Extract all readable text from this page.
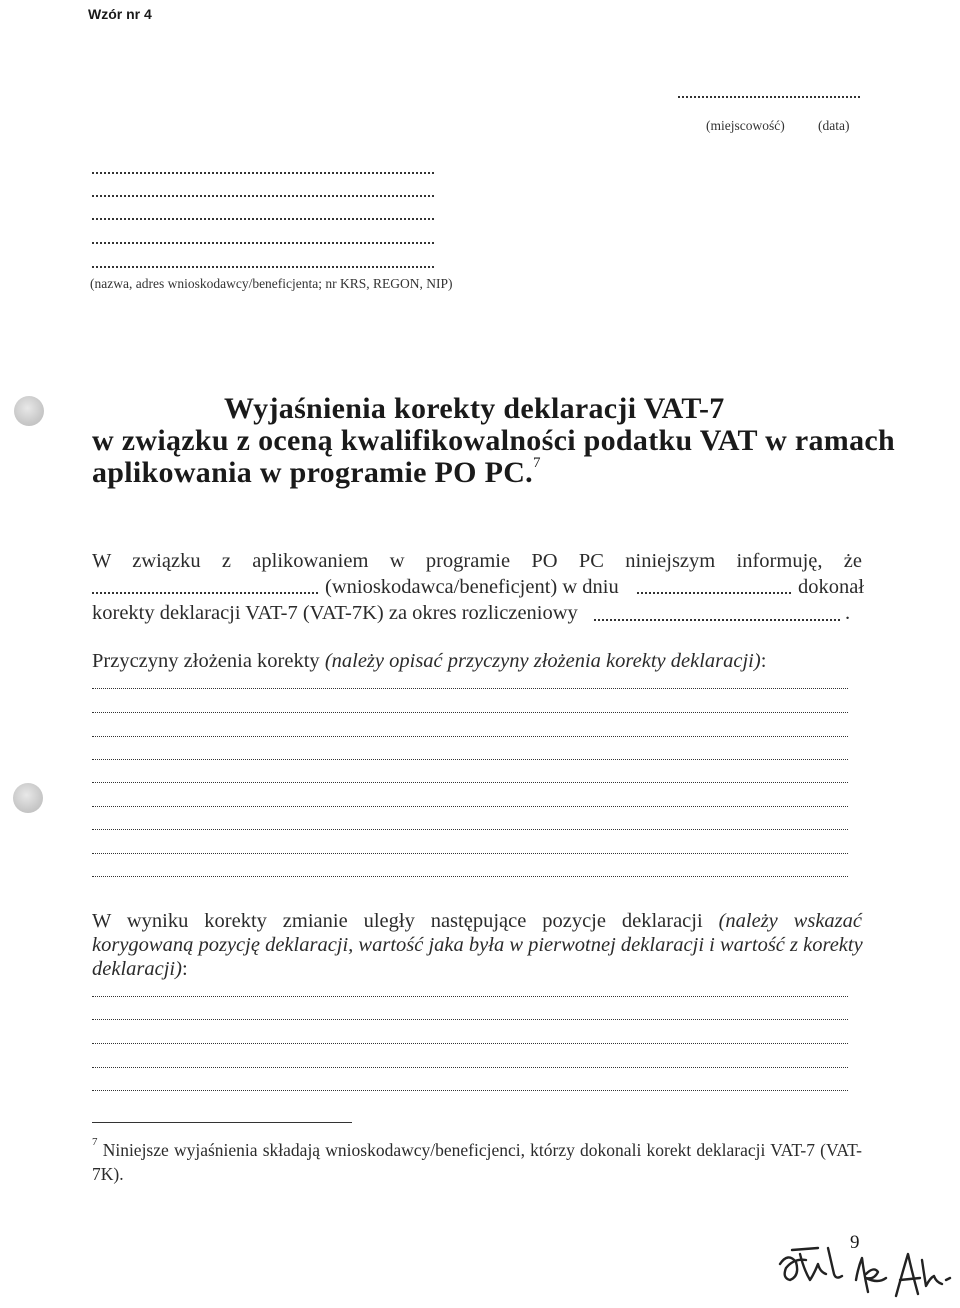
Wzór nr 4
(miejscowość) (data)
(nazwa, adres wnioskodawcy/beneficjenta; nr KRS, REGON, NIP)
Wyjaśnienia korekty deklaracji VAT-7
w związku z oceną kwalifikowalności podatku VAT w ramach
aplikowania w programie PO PC.$^7$
W związku z aplikowaniem w programie PO PC niniejszym informuję, że
(wnioskodawca/beneficjent) w dniu	dokonał
korekty deklaracji VAT-7 (VAT-7K) za okres rozliczeniowy	.
Przyczyny złożenia korekty (należy opisać przyczyny złożenia korekty deklaracji):
W wyniku korekty zmianie uległy następujące pozycje deklaracji (należy wskazać
korygowaną pozycję deklaracji, wartość jaka była w pierwotnej deklaracji i wartość z korekty
deklaracji):
$^7$ Niniejsze wyjaśnienia składają wnioskodawcy/beneficjenci, którzy dokonali korekt deklaracji VAT-7 (VAT-
7K).
9
